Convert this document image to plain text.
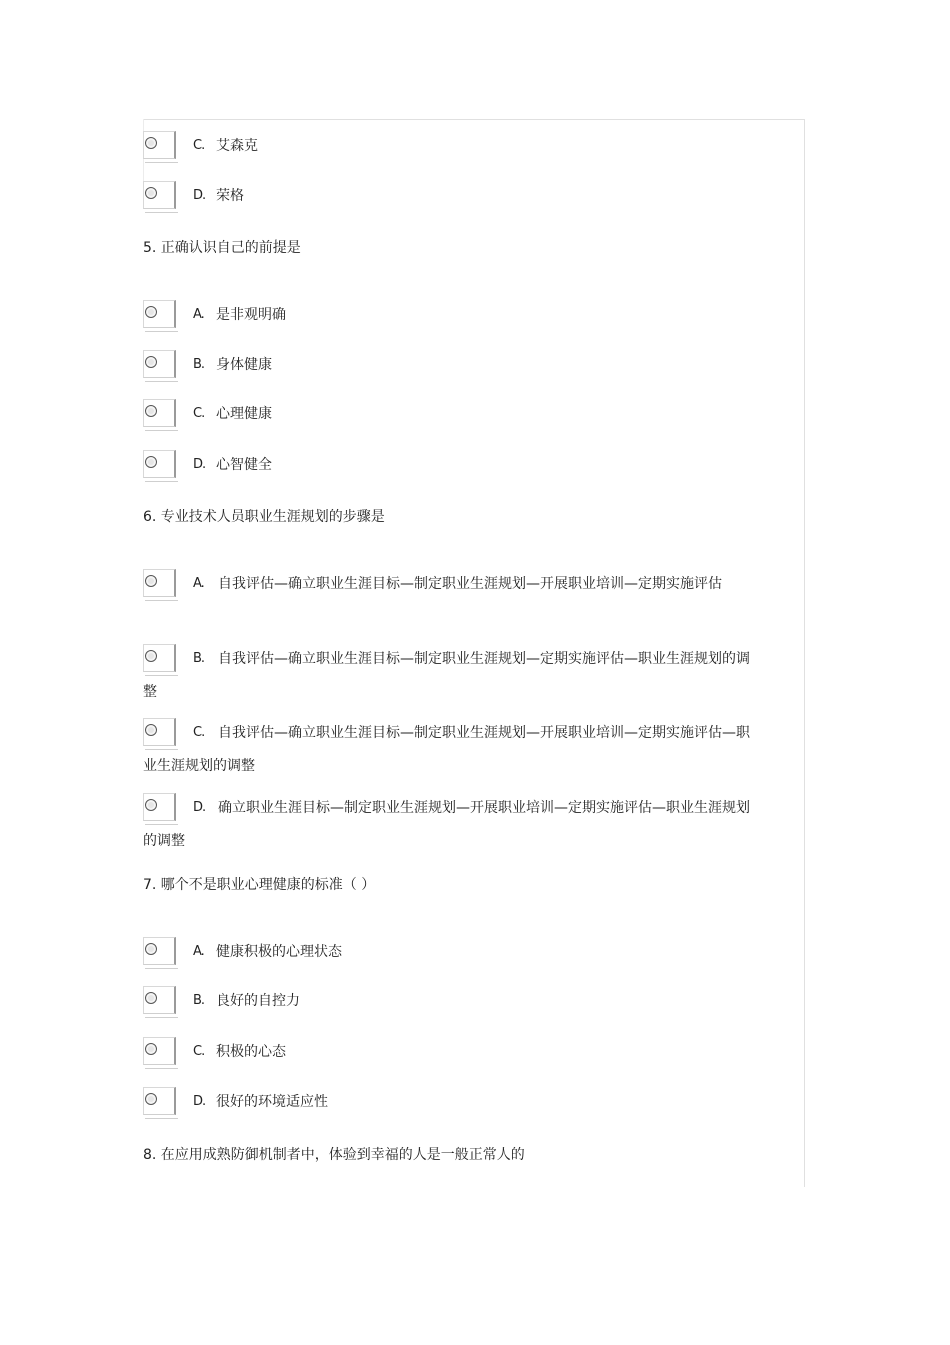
C. 艾森克
D. 荣格
5. 正确认识自己的前提是
A. 是非观明确
B. 身体健康
C. 心理健康
D. 心智健全
6. 专业技术人员职业生涯规划的步骤是
A.	自我评估—确立职业生涯目标—制定职业生涯规划—开展职业培训—定期实施评估
B. 自我评估—确立职业生涯目标—制定职业生涯规划—定期实施评估—职业生涯规划的调整
C. 自我评估—确立职业生涯目标—制定职业生涯规划—开展职业培训—定期实施评估—职业生涯规划的调整
D. 确立职业生涯目标—制定职业生涯规划—开展职业培训—定期实施评估—职业生涯规划的调整
7. 哪个不是职业心理健康的标准（ ）
A. 健康积极的心理状态
B. 良好的自控力
C. 积极的心态
D. 很好的环境适应性
8. 在应用成熟防御机制者中，体验到幸福的人是一般正常人的
